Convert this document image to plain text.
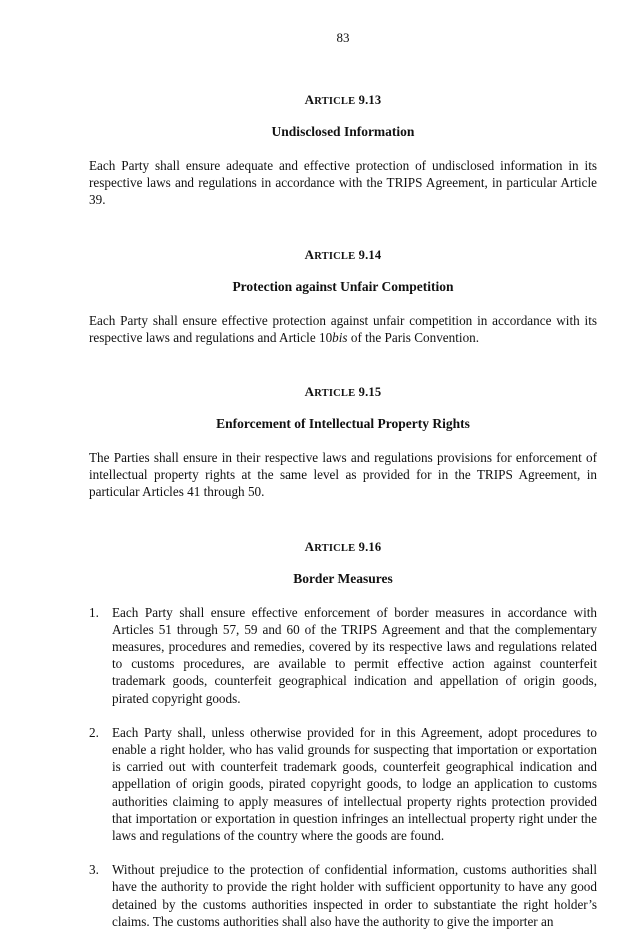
83
ARTICLE 9.13
Undisclosed Information

Each Party shall ensure adequate and effective protection of undisclosed information in its respective laws and regulations in accordance with the TRIPS Agreement, in particular Article 39.

ARTICLE 9.14
Protection against Unfair Competition

Each Party shall ensure effective protection against unfair competition in accordance with its respective laws and regulations and Article 10bis of the Paris Convention.

ARTICLE 9.15
Enforcement of Intellectual Property Rights

The Parties shall ensure in their respective laws and regulations provisions for enforcement of intellectual property rights at the same level as provided for in the TRIPS Agreement, in particular Articles 41 through 50.

ARTICLE 9.16
Border Measures
1. Each Party shall ensure effective enforcement of border measures in accordance with Articles 51 through 57, 59 and 60 of the TRIPS Agreement and that the complementary measures, procedures and remedies, covered by its respective laws and regulations related to customs procedures, are available to permit effective action against counterfeit trademark goods, counterfeit geographical indication and appellation of origin goods, pirated copyright goods.
2. Each Party shall, unless otherwise provided for in this Agreement, adopt procedures to enable a right holder, who has valid grounds for suspecting that importation or exportation is carried out with counterfeit trademark goods, counterfeit geographical indication and appellation of origin goods, pirated copyright goods, to lodge an application to customs authorities claiming to apply measures of intellectual property rights protection provided that importation or exportation in question infringes an intellectual property right under the laws and regulations of the country where the goods are found.
3. Without prejudice to the protection of confidential information, customs authorities shall have the authority to provide the right holder with sufficient opportunity to have any good detained by the customs authorities inspected in order to substantiate the right holder’s claims. The customs authorities shall also have the authority to give the importer an
